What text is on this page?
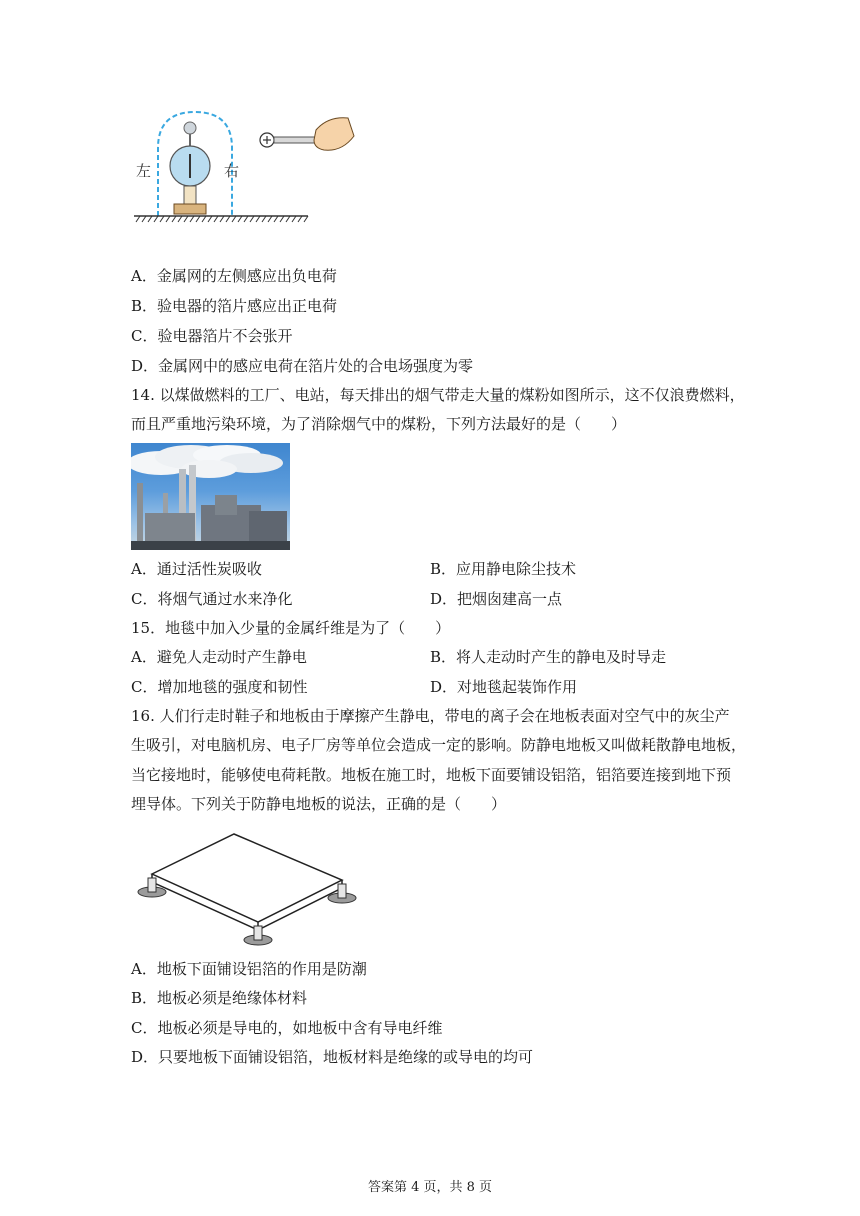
左	右
A．金属网的左侧感应出负电荷
B．验电器的箔片感应出正电荷
C．验电器箔片不会张开
D．金属网中的感应电荷在箔片处的合电场强度为零
14. 以煤做燃料的工厂、电站，每天排出的烟气带走大量的煤粉如图所示，这不仅浪费燃料，
而且严重地污染环境，为了消除烟气中的煤粉，下列方法最好的是（　　）
A．通过活性炭吸收	B．应用静电除尘技术
C．将烟气通过水来净化	D．把烟囱建高一点
15．地毯中加入少量的金属纤维是为了（　　）
A．避免人走动时产生静电	B．将人走动时产生的静电及时导走
C．增加地毯的强度和韧性	D．对地毯起装饰作用
16. 人们行走时鞋子和地板由于摩擦产生静电，带电的离子会在地板表面对空气中的灰尘产
生吸引，对电脑机房、电子厂房等单位会造成一定的影响。防静电地板又叫做耗散静电地板，
当它接地时，能够使电荷耗散。地板在施工时，地板下面要铺设铝箔，铝箔要连接到地下预
埋导体。下列关于防静电地板的说法，正确的是（　　）
A．地板下面铺设铝箔的作用是防潮
B．地板必须是绝缘体材料
C．地板必须是导电的，如地板中含有导电纤维
D．只要地板下面铺设铝箔，地板材料是绝缘的或导电的均可
答案第 4 页，共 8 页
